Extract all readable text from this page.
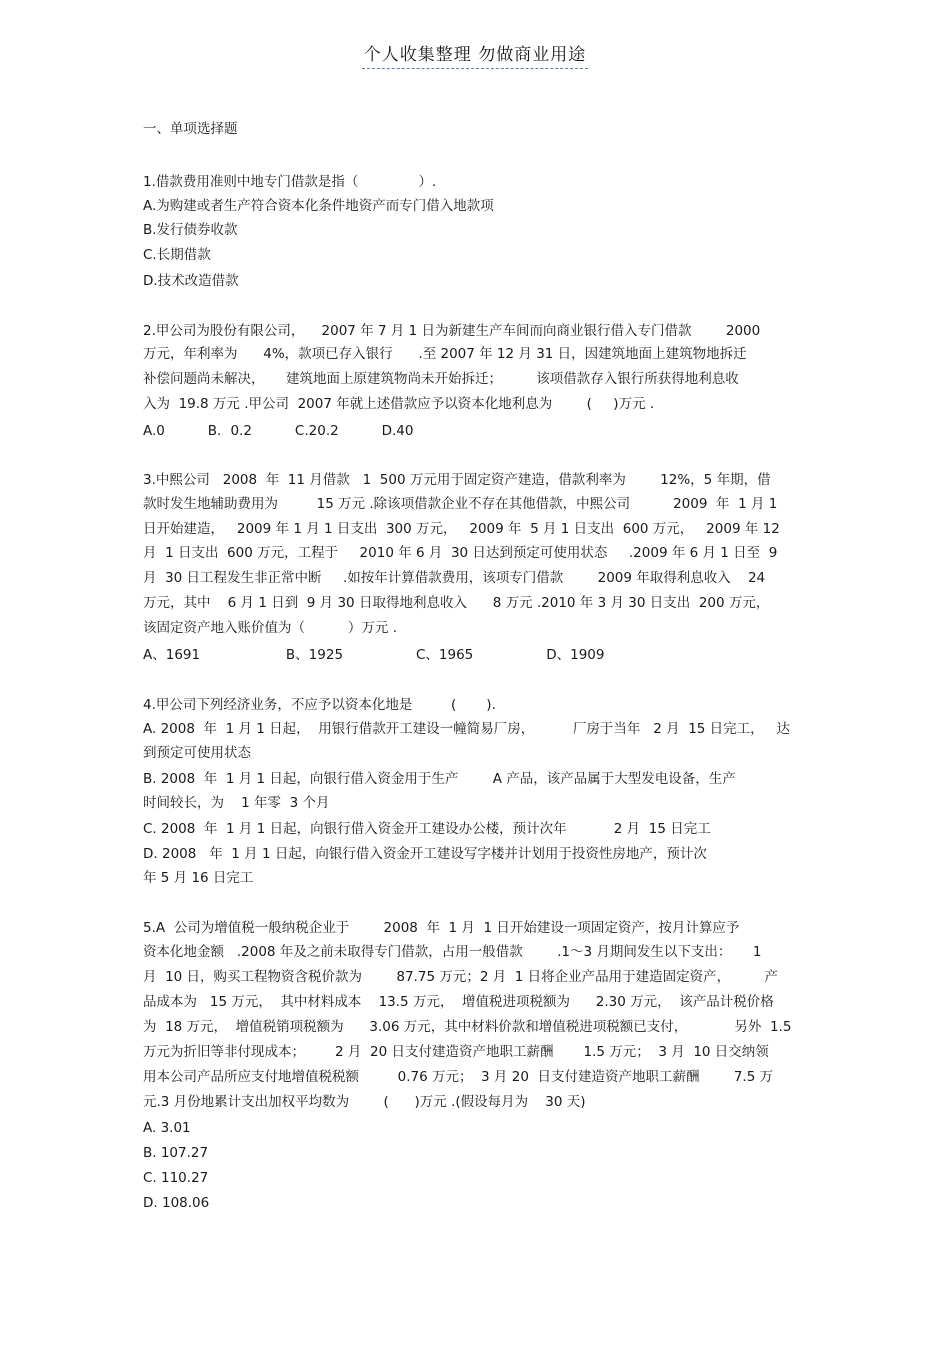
个人收集整理 勿做商业用途
一、单项选择题
1.借款费用准则中地专门借款是指（              ）.
A.为购建或者生产符合资本化条件地资产而专门借入地款项
B.发行债券收款
C.长期借款
D.技术改造借款
2.甲公司为股份有限公司，    2007 年 7 月 1 日为新建生产车间而向商业银行借入专门借款        2000
万元，年利率为      4%，款项已存入银行      .至 2007 年 12 月 31 日，因建筑地面上建筑物地拆迁
补偿问题尚未解决，     建筑地面上原建筑物尚未开始拆迁；        该项借款存入银行所获得地利息收
入为  19.8 万元 .甲公司  2007 年就上述借款应予以资本化地利息为        (     )万元 .
A.0          B．0.2          C.20.2          D.40
3.中熙公司   2008  年  11 月借款   1  500 万元用于固定资产建造，借款利率为        12%，5 年期，借
款时发生地辅助费用为         15 万元 .除该项借款企业不存在其他借款，中熙公司          2009  年  1 月 1
日开始建造，   2009 年 1 月 1 日支出  300 万元，   2009 年  5 月 1 日支出  600 万元，   2009 年 12
月  1 日支出  600 万元，工程于     2010 年 6 月  30 日达到预定可使用状态     .2009 年 6 月 1 日至  9
月  30 日工程发生非正常中断     .如按年计算借款费用，该项专门借款        2009 年取得利息收入    24
万元，其中    6 月 1 日到  9 月 30 日取得地利息收入      8 万元 .2010 年 3 月 30 日支出  200 万元，
该固定资产地入账价值为（          ）万元 .
A、1691                    B、1925                 C、1965                 D、1909
4.甲公司下列经济业务，不应予以资本化地是         (       ).
A. 2008  年  1 月 1 日起，  用银行借款开工建设一幢简易厂房，         厂房于当年   2 月  15 日完工，   达
到预定可使用状态
B. 2008  年  1 月 1 日起，向银行借入资金用于生产        A 产品，该产品属于大型发电设备，生产
时间较长，为    1 年零  3 个月
C. 2008  年  1 月 1 日起，向银行借入资金开工建设办公楼，预计次年           2 月  15 日完工
D. 2008   年  1 月 1 日起，向银行借入资金开工建设写字楼并计划用于投资性房地产，预计次
年 5 月 16 日完工
5.A  公司为增值税一般纳税企业于        2008  年  1 月  1 日开始建设一项固定资产，按月计算应予
资本化地金额   .2008 年及之前未取得专门借款，占用一般借款        .1～3 月期间发生以下支出：     1
月  10 日，购买工程物资含税价款为        87.75 万元；2 月  1 日将企业产品用于建造固定资产，        产
品成本为   15 万元，  其中材料成本    13.5 万元，  增值税进项税额为      2.30 万元，  该产品计税价格
为  18 万元，  增值税销项税额为      3.06 万元，其中材料价款和增值税进项税额已支付，           另外  1.5
万元为折旧等非付现成本；       2 月  20 日支付建造资产地职工薪酬       1.5 万元；  3 月  10 日交纳领
用本公司产品所应支付地增值税税额         0.76 万元；  3 月 20  日支付建造资产地职工薪酬        7.5 万
元.3 月份地累计支出加权平均数为        (      )万元 .(假设每月为    30 天)
A. 3.01
B. 107.27
C. 110.27
D. 108.06
